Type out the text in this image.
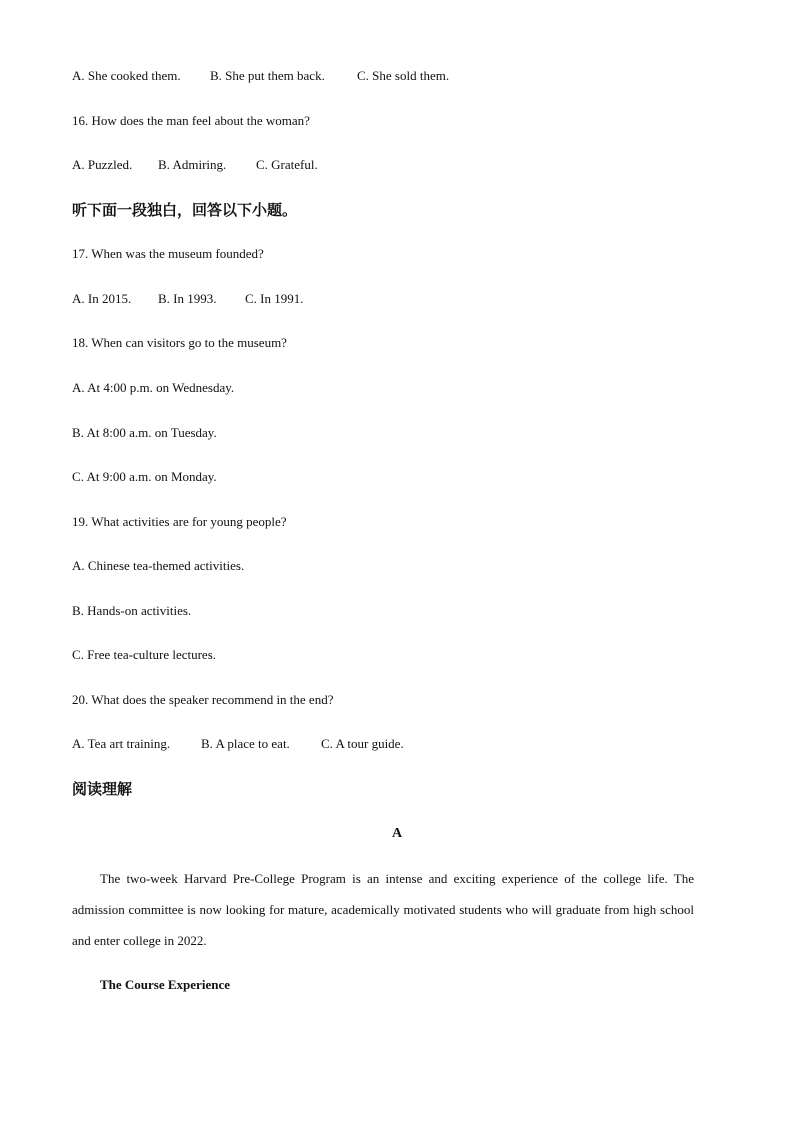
A. She cooked them. B. She put them back. C. She sold them.
16. How does the man feel about the woman?
A. Puzzled. B. Admiring. C. Grateful.
听下面一段独白，回答以下小题。
17. When was the museum founded?
A. In 2015. B. In 1993. C. In 1991.
18. When can visitors go to the museum?
A. At 4:00 p.m. on Wednesday.
B. At 8:00 a.m. on Tuesday.
C. At 9:00 a.m. on Monday.
19. What activities are for young people?
A. Chinese tea-themed activities.
B. Hands-on activities.
C. Free tea-culture lectures.
20. What does the speaker recommend in the end?
A. Tea art training. B. A place to eat. C. A tour guide.
阅读理解
A
The two-week Harvard Pre-College Program is an intense and exciting experience of the college life. The admission committee is now looking for mature, academically motivated students who will graduate from high school and enter college in 2022.
The Course Experience
